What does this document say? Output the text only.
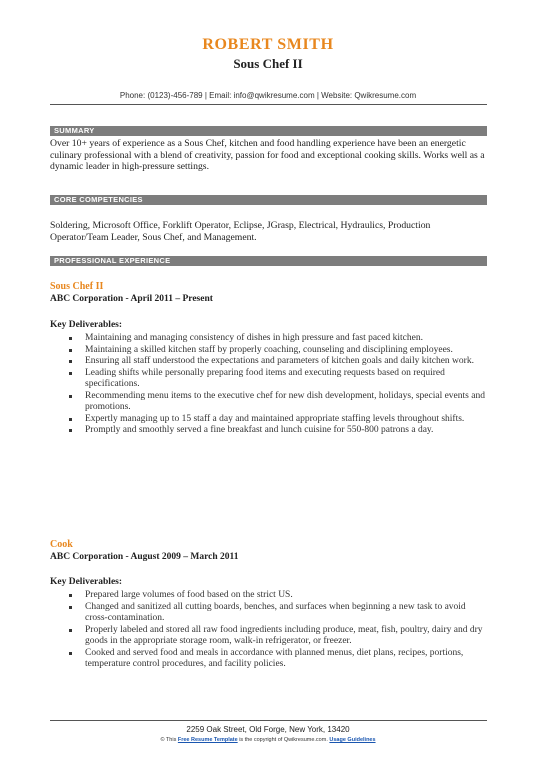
ROBERT SMITH
Sous Chef II
Phone: (0123)-456-789 | Email: info@qwikresume.com | Website: Qwikresume.com
SUMMARY
Over 10+ years of experience as a Sous Chef, kitchen and food handling experience have been an energetic culinary professional with a blend of creativity, passion for food and exceptional cooking skills. Works well as a dynamic leader in high-pressure settings.
CORE COMPETENCIES
Soldering, Microsoft Office, Forklift Operator, Eclipse, JGrasp, Electrical, Hydraulics, Production Operator/Team Leader, Sous Chef, and Management.
PROFESSIONAL EXPERIENCE
Sous Chef II
ABC Corporation - April 2011 – Present
Key Deliverables:
Maintaining and managing consistency of dishes in high pressure and fast paced kitchen.
Maintaining a skilled kitchen staff by properly coaching, counseling and disciplining employees.
Ensuring all staff understood the expectations and parameters of kitchen goals and daily kitchen work.
Leading shifts while personally preparing food items and executing requests based on required specifications.
Recommending menu items to the executive chef for new dish development, holidays, special events and promotions.
Expertly managing up to 15 staff a day and maintained appropriate staffing levels throughout shifts.
Promptly and smoothly served a fine breakfast and lunch cuisine for 550-800 patrons a day.
Cook
ABC Corporation - August 2009 – March 2011
Key Deliverables:
Prepared large volumes of food based on the strict US.
Changed and sanitized all cutting boards, benches, and surfaces when beginning a new task to avoid cross-contamination.
Properly labeled and stored all raw food ingredients including produce, meat, fish, poultry, dairy and dry goods in the appropriate storage room, walk-in refrigerator, or freezer.
Cooked and served food and meals in accordance with planned menus, diet plans, recipes, portions, temperature control procedures, and facility policies.
2259 Oak Street, Old Forge, New York, 13420
© This Free Resume Template is the copyright of Qwikresume.com. Usage Guidelines
